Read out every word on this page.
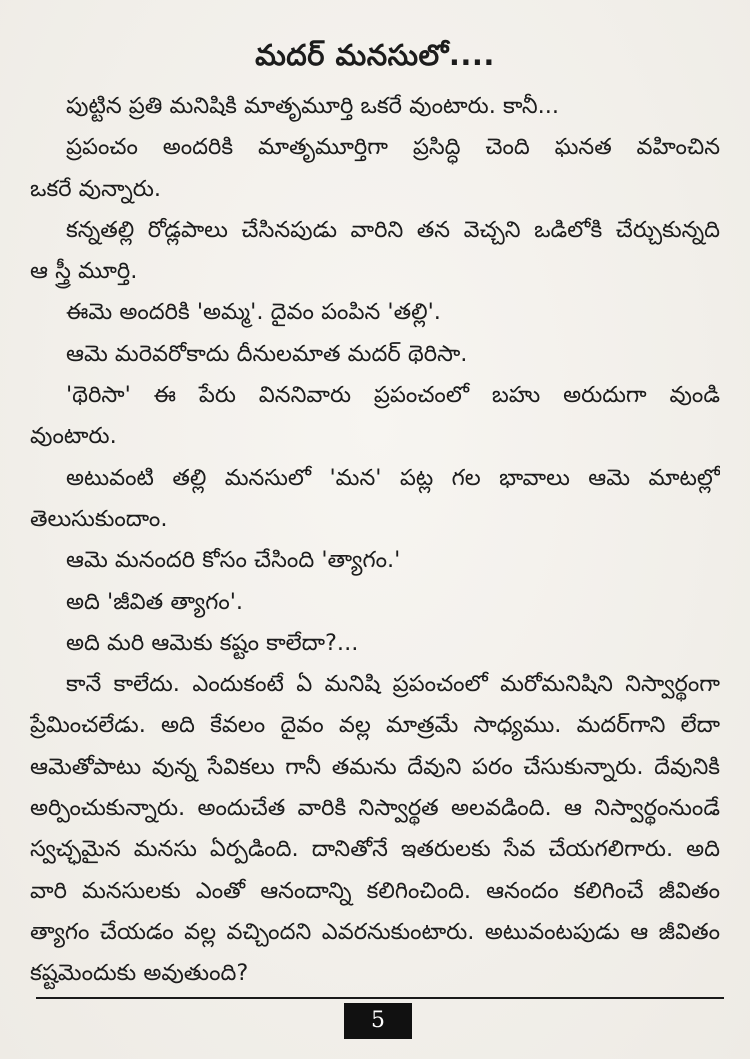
మదర్ మనసులో....
పుట్టిన ప్రతి మనిషికి మాతృమూర్తి ఒకరే వుంటారు. కానీ...
ప్రపంచం అందరికి మాతృమూర్తిగా ప్రసిద్ధి చెంది ఘనత వహించిన
ఒకరే వున్నారు.
కన్నతల్లి రోడ్లపాలు చేసినపుడు వారిని తన వెచ్చని ఒడిలోకి చేర్చుకున్నది
ఆ స్త్రీ మూర్తి.
ఈమె అందరికి 'అమ్మ'. దైవం పంపిన 'తల్లి'.
ఆమె మరెవరోకాదు దీనులమాత మదర్ థెరిసా.
'థెరిసా' ఈ పేరు విననివారు ప్రపంచంలో బహు అరుదుగా వుండి
వుంటారు.
అటువంటి తల్లి మనసులో 'మన' పట్ల గల భావాలు ఆమె మాటల్లో
తెలుసుకుందాం.
ఆమె మనందరి కోసం చేసింది 'త్యాగం.'
అది 'జీవిత త్యాగం'.
అది మరి ఆమెకు కష్టం కాలేదా?...
కానే కాలేదు. ఎందుకంటే ఏ మనిషి ప్రపంచంలో మరోమనిషిని నిస్వార్థంగా
ప్రేమించలేడు. అది కేవలం దైవం వల్ల మాత్రమే సాధ్యము. మదర్‌గాని లేదా
ఆమెతోపాటు వున్న సేవికలు గానీ తమను దేవుని పరం చేసుకున్నారు. దేవునికి
అర్పించుకున్నారు. అందుచేత వారికి నిస్వార్థత అలవడింది. ఆ నిస్వార్థంనుండే
స్వచ్ఛమైన మనసు ఏర్పడింది. దానితోనే ఇతరులకు సేవ చేయగలిగారు. అది
వారి మనసులకు ఎంతో ఆనందాన్ని కలిగించింది. ఆనందం కలిగించే జీవితం
త్యాగం చేయడం వల్ల వచ్చిందని ఎవరనుకుంటారు. అటువంటపుడు ఆ జీవితం
కష్టమెందుకు అవుతుంది?
5
